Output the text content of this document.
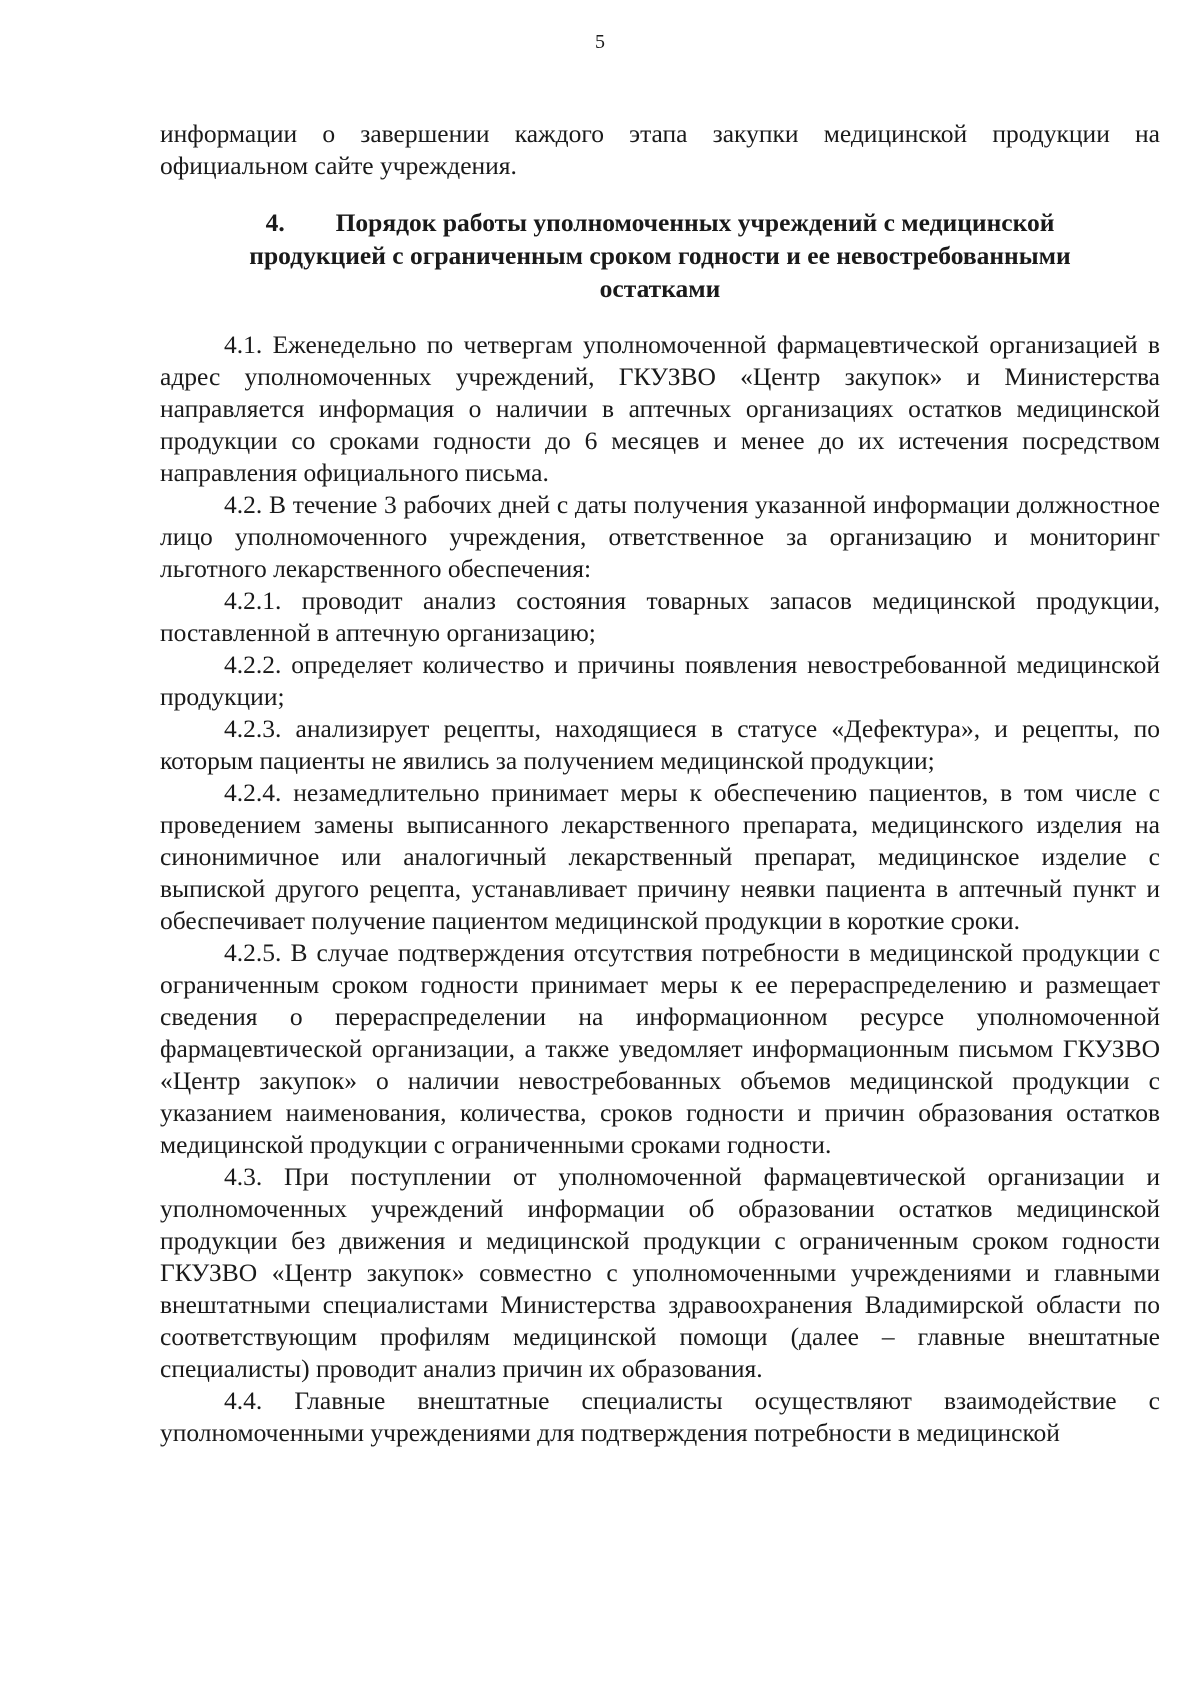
5

информации о завершении каждого этапа закупки медицинской продукции на официальном сайте учреждения.

4. Порядок работы уполномоченных учреждений с медицинской продукцией с ограниченным сроком годности и ее невостребованными остатками

4.1. Еженедельно по четвергам уполномоченной фармацевтической организацией в адрес уполномоченных учреждений, ГКУЗВО «Центр закупок» и Министерства направляется информация о наличии в аптечных организациях остатков медицинской продукции со сроками годности до 6 месяцев и менее до их истечения посредством направления официального письма.

4.2. В течение 3 рабочих дней с даты получения указанной информации должностное лицо уполномоченного учреждения, ответственное за организацию и мониторинг льготного лекарственного обеспечения:

4.2.1. проводит анализ состояния товарных запасов медицинской продукции, поставленной в аптечную организацию;

4.2.2. определяет количество и причины появления невостребованной медицинской продукции;

4.2.3. анализирует рецепты, находящиеся в статусе «Дефектура», и рецепты, по которым пациенты не явились за получением медицинской продукции;

4.2.4. незамедлительно принимает меры к обеспечению пациентов, в том числе с проведением замены выписанного лекарственного препарата, медицинского изделия на синонимичное или аналогичный лекарственный препарат, медицинское изделие с выпиской другого рецепта, устанавливает причину неявки пациента в аптечный пункт и обеспечивает получение пациентом медицинской продукции в короткие сроки.

4.2.5. В случае подтверждения отсутствия потребности в медицинской продукции с ограниченным сроком годности принимает меры к ее перераспределению и размещает сведения о перераспределении на информационном ресурсе уполномоченной фармацевтической организации, а также уведомляет информационным письмом ГКУЗВО «Центр закупок» о наличии невостребованных объемов медицинской продукции с указанием наименования, количества, сроков годности и причин образования остатков медицинской продукции с ограниченными сроками годности.

4.3. При поступлении от уполномоченной фармацевтической организации и уполномоченных учреждений информации об образовании остатков медицинской продукции без движения и медицинской продукции с ограниченным сроком годности ГКУЗВО «Центр закупок» совместно с уполномоченными учреждениями и главными внештатными специалистами Министерства здравоохранения Владимирской области по соответствующим профилям медицинской помощи (далее – главные внештатные специалисты) проводит анализ причин их образования.

4.4. Главные внештатные специалисты осуществляют взаимодействие с уполномоченными учреждениями для подтверждения потребности в медицинской
